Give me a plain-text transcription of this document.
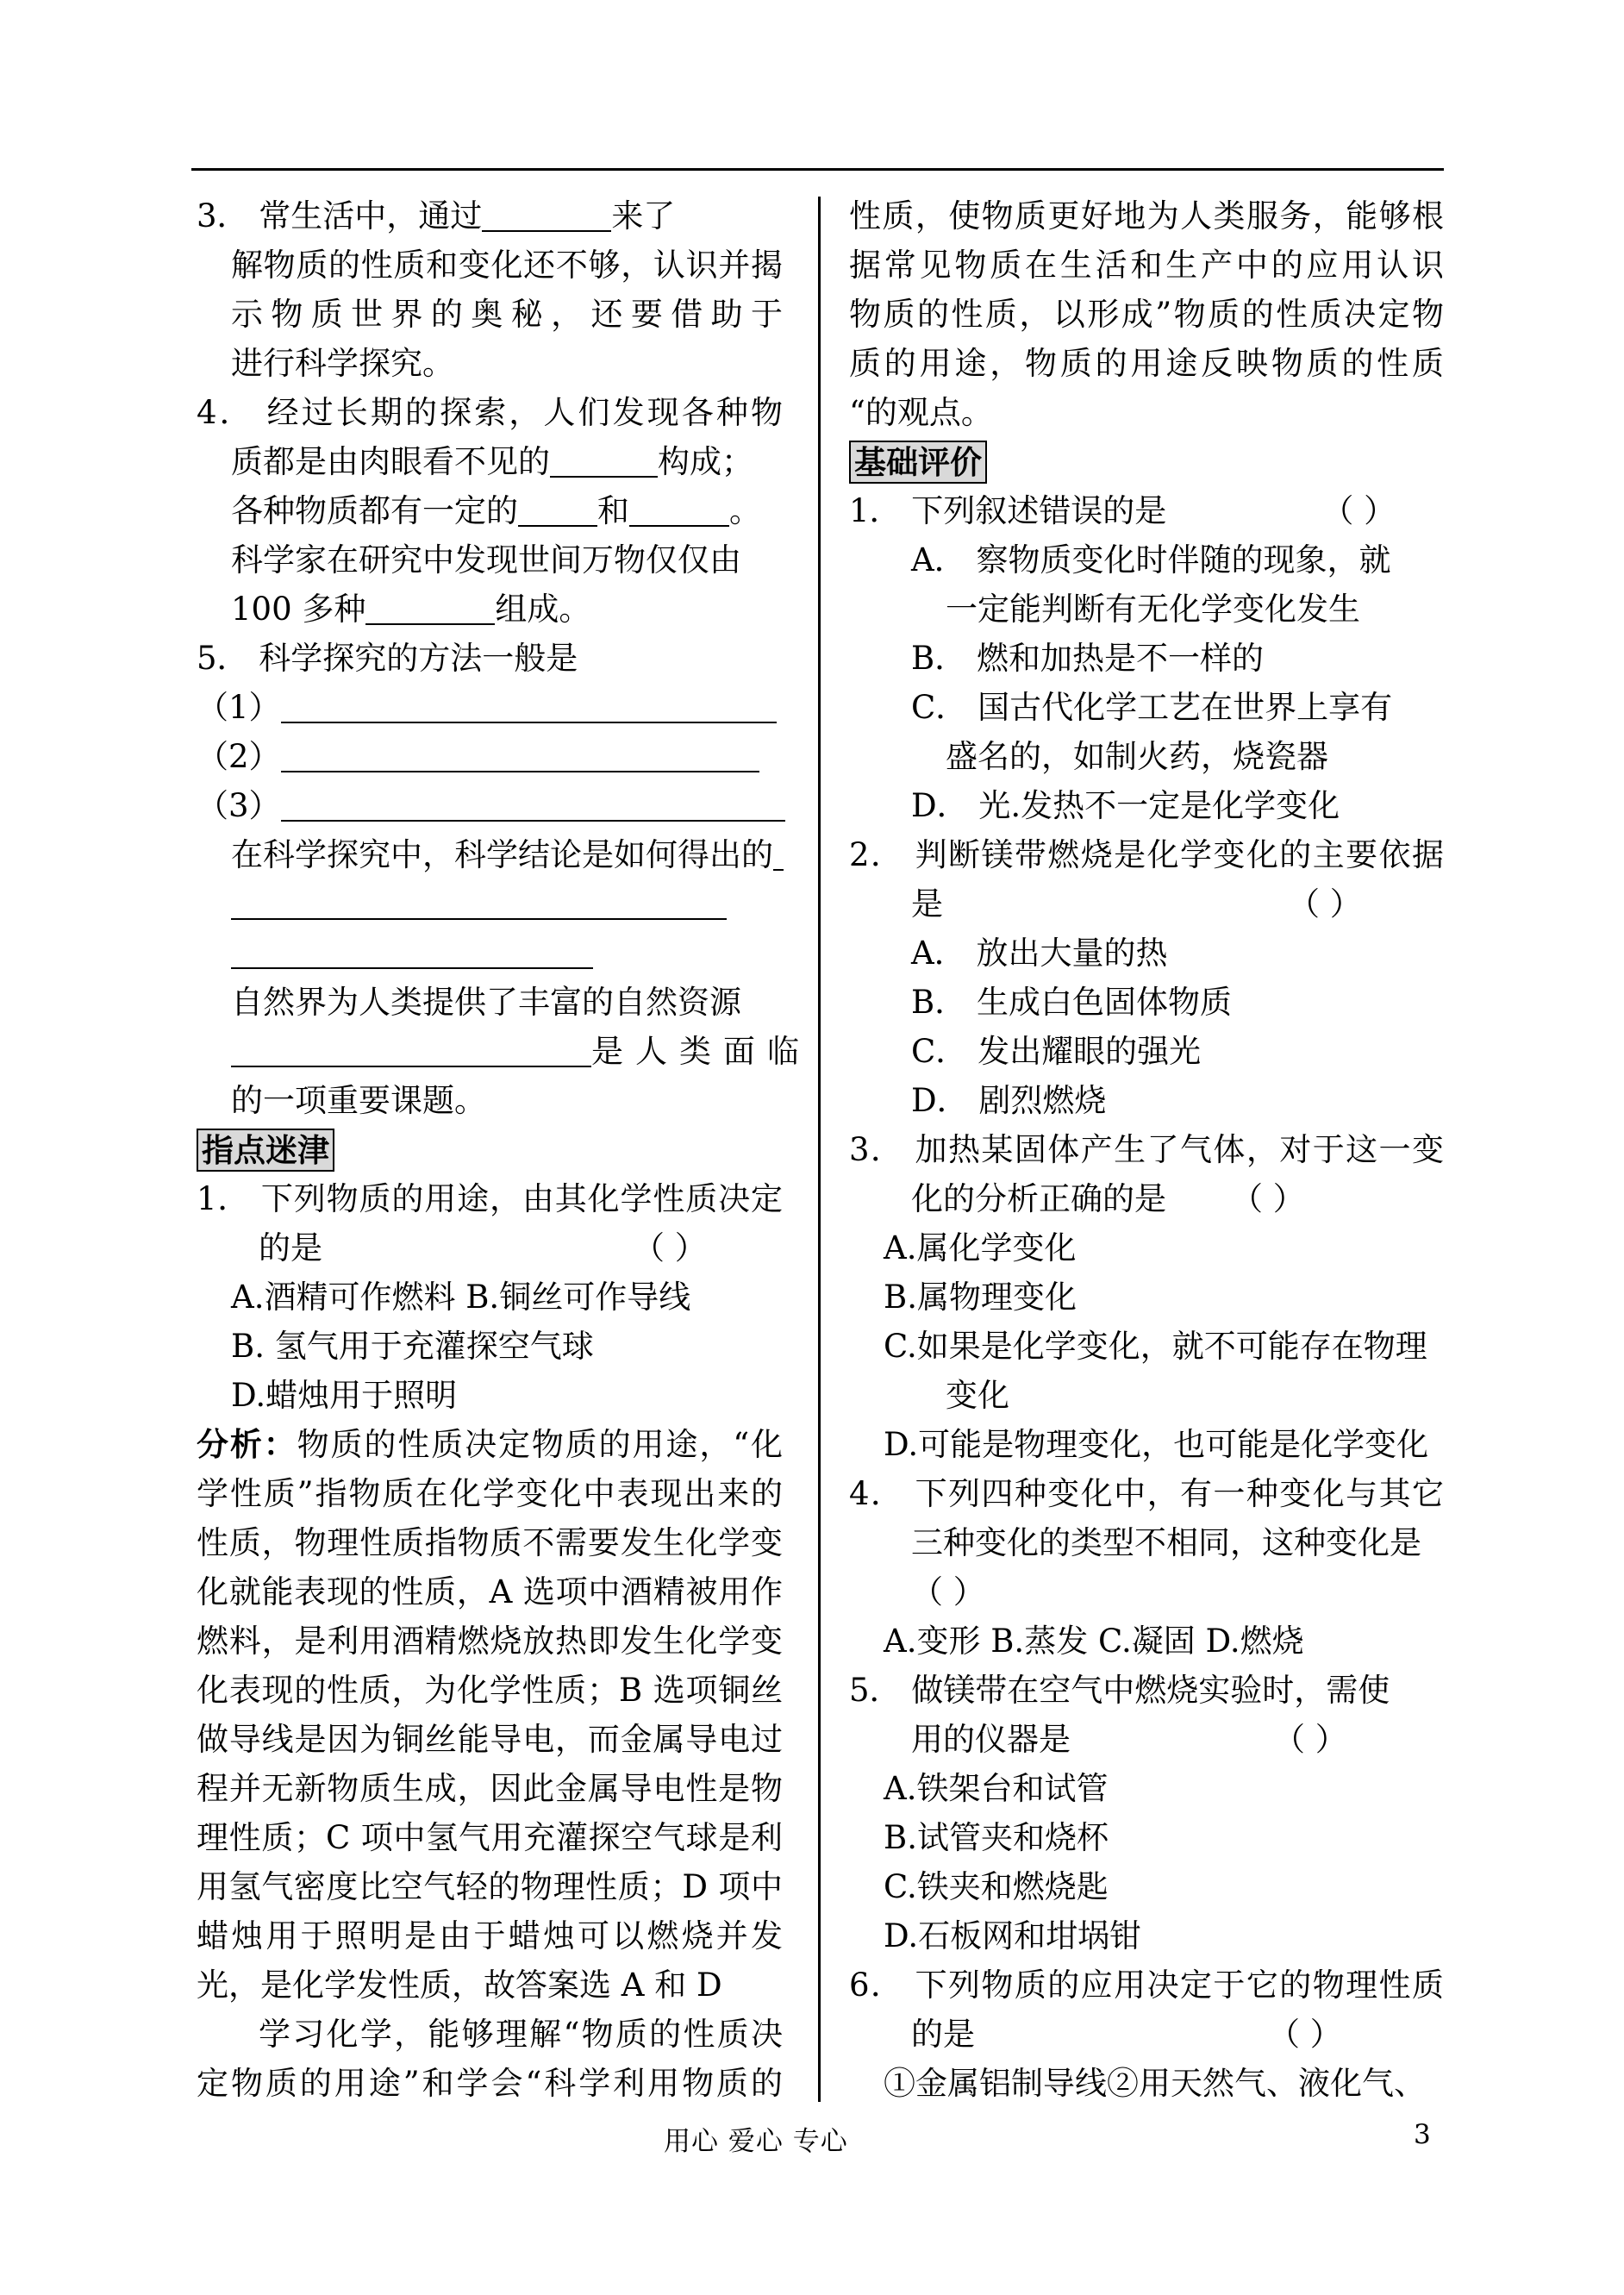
3． 常生活中，通过	来了
解物质的性质和变化还不够，认识并揭
示物质世界的奥秘，还要借助于
进行科学探究。
4． 经过长期的探索，人们发现各种物
质都是由肉眼看不见的	构成；
各种物质都有一定的 和	。
科学家在研究中发现世间万物仅仅由
100 多种	组成。
5． 科学探究的方法一般是
（1）
（2）
（3）
在科学探究中，科学结论是如何得出的
自然界为人类提供了丰富的自然资源
是人类面临
的一项重要课题。
指点迷津
1． 下列物质的用途，由其化学性质决定
的是	（ ）
A.酒精可作燃料 B.铜丝可作导线
B. 氢气用于充灌探空气球
D.蜡烛用于照明
分析：物质的性质决定物质的用途，“化
学性质”指物质在化学变化中表现出来的
性质，物理性质指物质不需要发生化学变
化就能表现的性质，A 选项中酒精被用作
燃料，是利用酒精燃烧放热即发生化学变
化表现的性质，为化学性质；B 选项铜丝
做导线是因为铜丝能导电，而金属导电过
程并无新物质生成，因此金属导电性是物
理性质；C 项中氢气用充灌探空气球是利
用氢气密度比空气轻的物理性质；D 项中
蜡烛用于照明是由于蜡烛可以燃烧并发
光，是化学发性质，故答案选 A 和 D
学习化学，能够理解“物质的性质决
定物质的用途”和学会“科学利用物质的
性质，使物质更好地为人类服务，能够根
据常见物质在生活和生产中的应用认识
物质的性质，以形成”物质的性质决定物
质的用途，物质的用途反映物质的性质
“的观点。
基础评价
1． 下列叙述错误的是	（ ）
A． 察物质变化时伴随的现象，就
一定能判断有无化学变化发生
B． 燃和加热是不一样的
C． 国古代化学工艺在世界上享有
盛名的，如制火药，烧瓷器
D． 光.发热不一定是化学变化
2． 判断镁带燃烧是化学变化的主要依据
是	（ ）
A． 放出大量的热
B． 生成白色固体物质
C． 发出耀眼的强光
D． 剧烈燃烧
3． 加热某固体产生了气体，对于这一变
化的分析正确的是 （ ）
A.属化学变化
B.属物理变化
C.如果是化学变化，就不可能存在物理
变化
D.可能是物理变化，也可能是化学变化
4． 下列四种变化中，有一种变化与其它
三种变化的类型不相同，这种变化是
（ ）
A.变形 B.蒸发 C.凝固 D.燃烧
5． 做镁带在空气中燃烧实验时，需使
用的仪器是	（ ）
A.铁架台和试管
B.试管夹和烧杯
C.铁夹和燃烧匙
D.石板网和坩埚钳
6． 下列物质的应用决定于它的物理性质
的是	（ ）
①金属铝制导线②用天然气、液化气、
用心 爱心 专心	3
